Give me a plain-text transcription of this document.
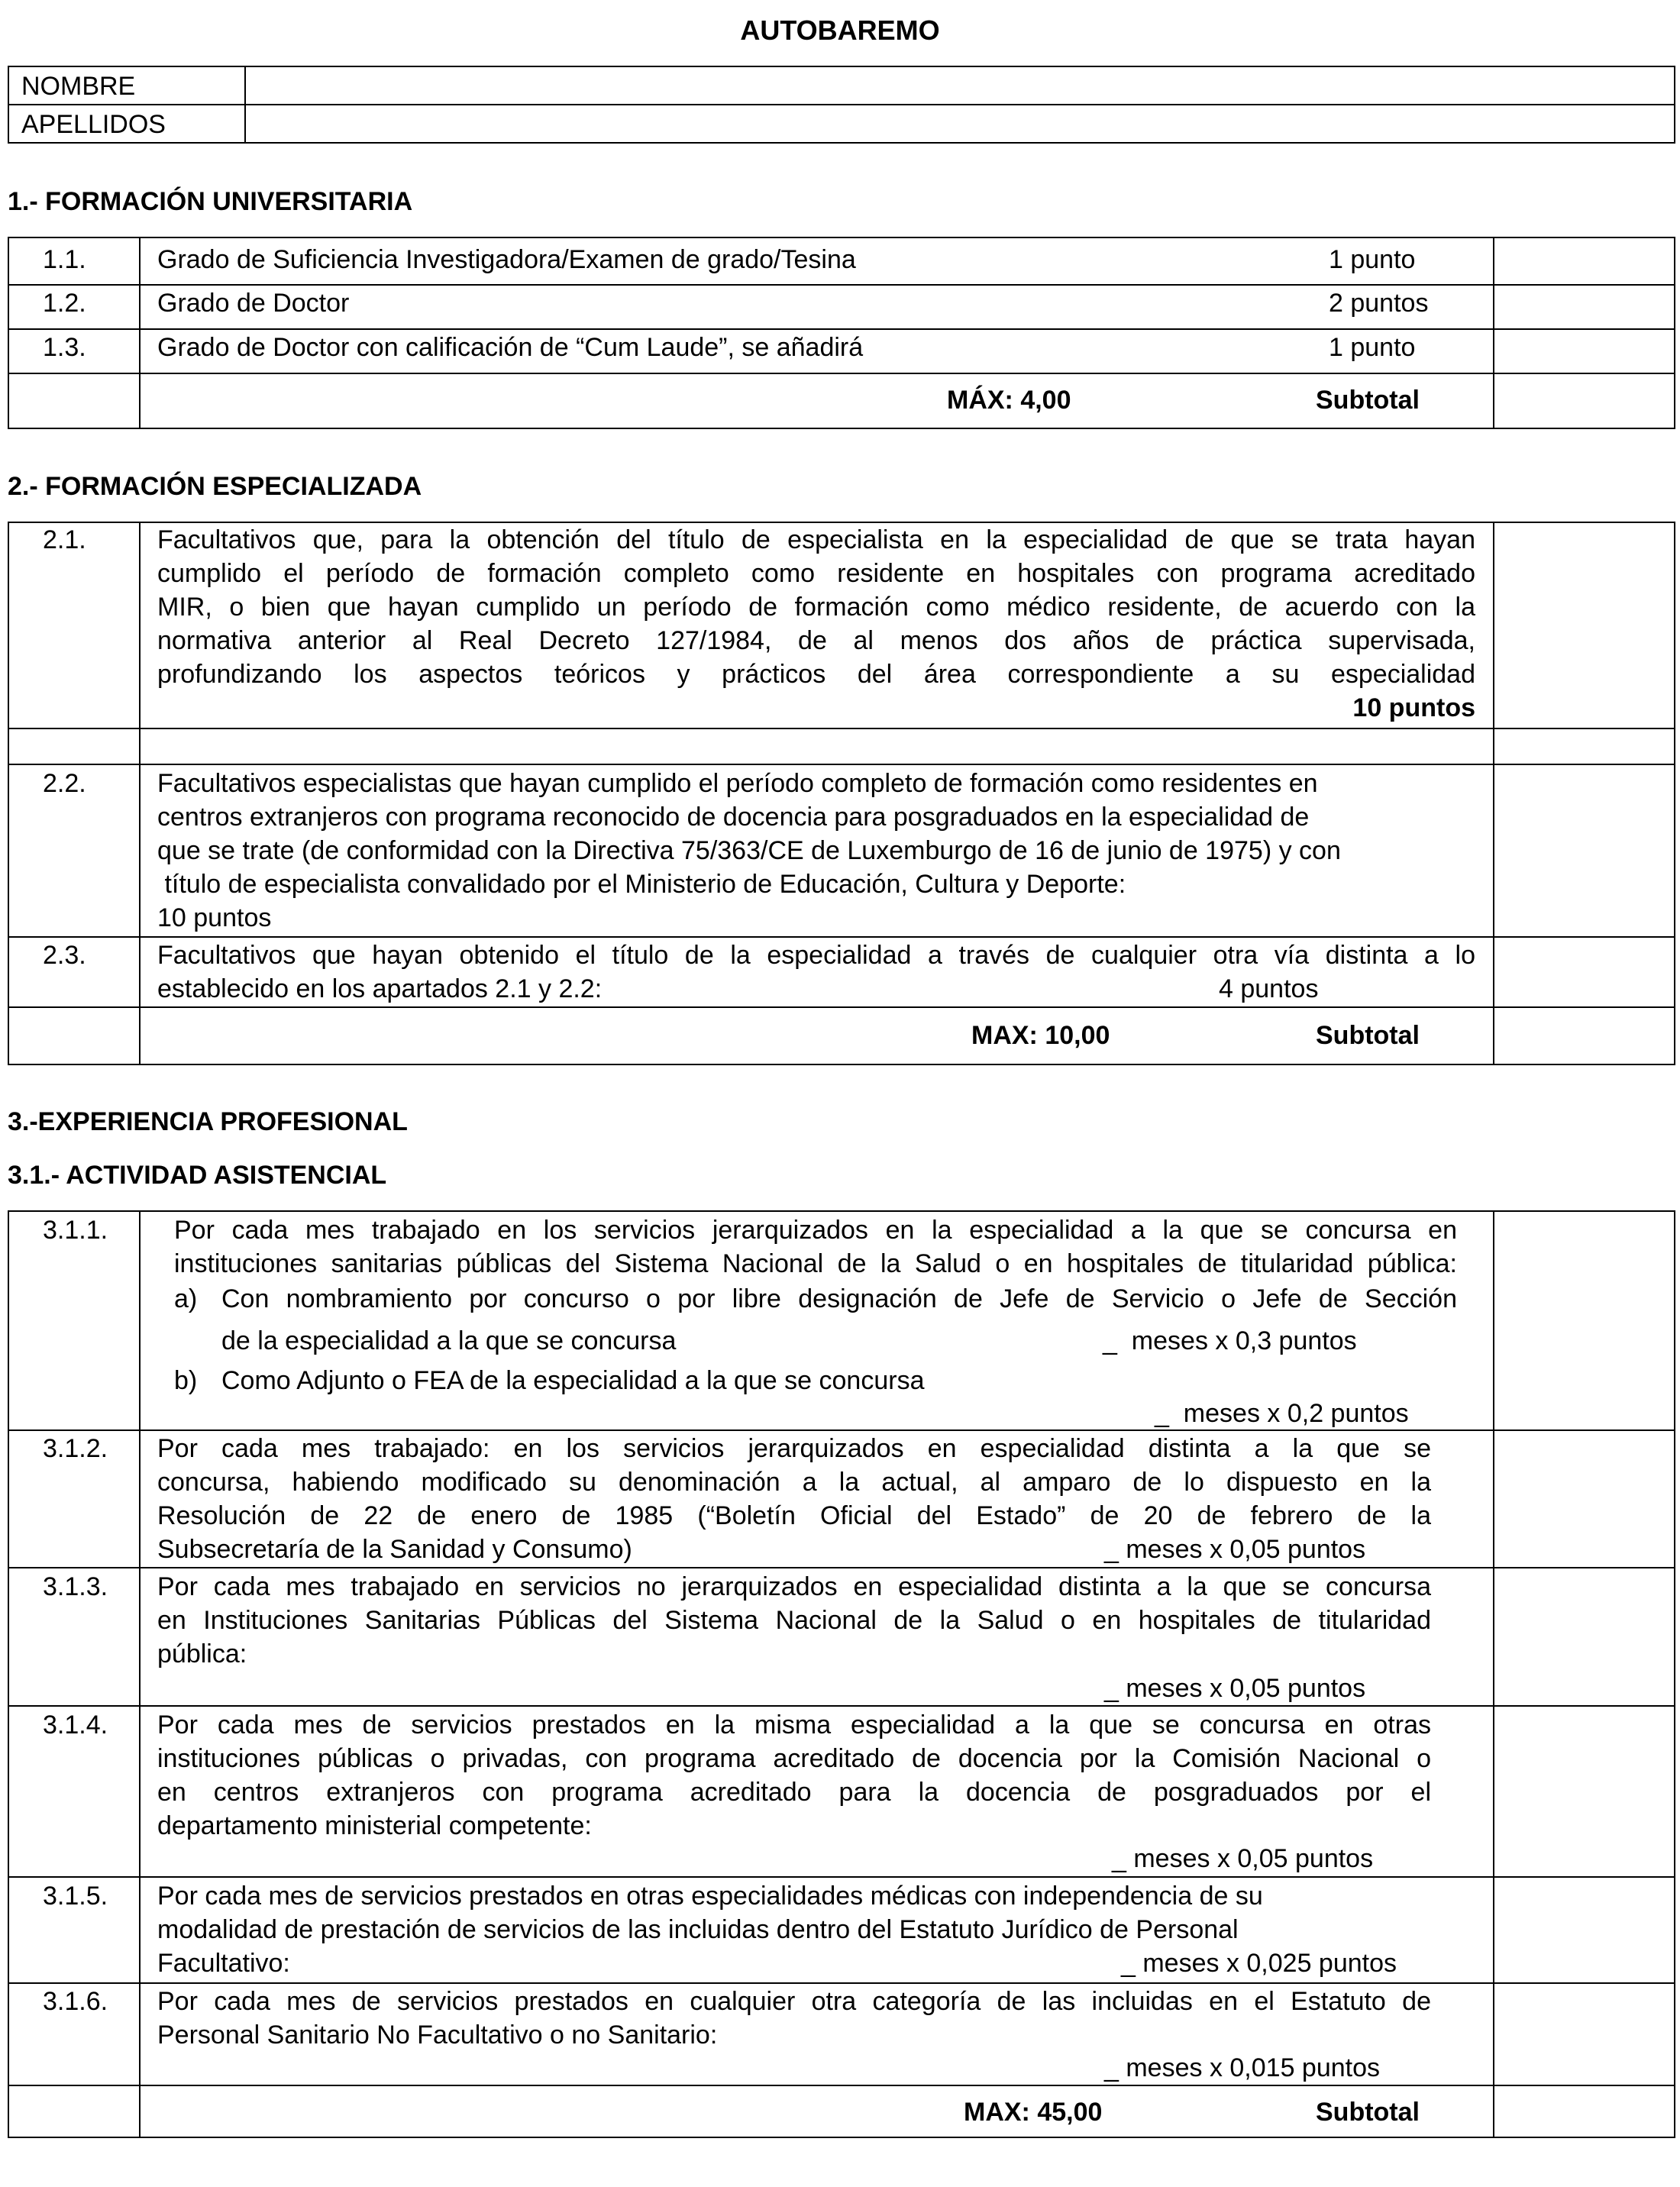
AUTOBAREMO
NOMBRE
APELLIDOS
1.- FORMACIÓN UNIVERSITARIA
1.1.	Grado de Suficiencia Investigadora/Examen de grado/Tesina	1 punto
1.2.	Grado de Doctor	2 puntos
1.3.	Grado de Doctor con calificación de “Cum Laude”, se añadirá	1 punto
MÁX: 4,00	Subtotal
2.- FORMACIÓN ESPECIALIZADA
2.1.	Facultativos que, para la obtención del título de especialista en la especialidad de que se trata hayan
cumplido el período de formación completo como residente en hospitales con programa acreditado
MIR, o bien que hayan cumplido un período de formación como médico residente, de acuerdo con la
normativa anterior al Real Decreto 127/1984, de al menos dos años de práctica supervisada,
profundizando los aspectos teóricos y prácticos del área correspondiente a su especialidad
10 puntos
2.2.	Facultativos especialistas que hayan cumplido el período completo de formación como residentes en
centros extranjeros con programa reconocido de docencia para posgraduados en la especialidad de
que se trate (de conformidad con la Directiva 75/363/CE de Luxemburgo de 16 de junio de 1975) y con
título de especialista convalidado por el Ministerio de Educación, Cultura y Deporte:
10 puntos
2.3.	Facultativos que hayan obtenido el título de la especialidad a través de cualquier otra vía distinta a lo
establecido en los apartados 2.1 y 2.2:	4 puntos
MAX: 10,00	Subtotal
3.-EXPERIENCIA PROFESIONAL
3.1.- ACTIVIDAD ASISTENCIAL
3.1.1.	Por cada mes trabajado en los servicios jerarquizados en la especialidad a la que se concursa en
instituciones sanitarias públicas del Sistema Nacional de la Salud o en hospitales de titularidad pública:
a) Con nombramiento por concurso o por libre designación de Jefe de Servicio o Jefe de Sección
de la especialidad a la que se concursa	_  meses x 0,3 puntos
b) Como Adjunto o FEA de la especialidad a la que se concursa
_  meses x 0,2 puntos
3.1.2. Por cada mes trabajado: en los servicios jerarquizados en especialidad distinta a la que se
concursa, habiendo modificado su denominación a la actual, al amparo de lo dispuesto en la
Resolución de 22 de enero de 1985 (“Boletín Oficial del Estado” de 20 de febrero de la
Subsecretaría de la Sanidad y Consumo)	_ meses x 0,05 puntos
3.1.3. Por cada mes trabajado en servicios no jerarquizados en especialidad distinta a la que se concursa
en Instituciones Sanitarias Públicas del Sistema Nacional de la Salud o en hospitales de titularidad
pública:
_ meses x 0,05 puntos
3.1.4. Por cada mes de servicios prestados en la misma especialidad a la que se concursa en otras
instituciones públicas o privadas, con programa acreditado de docencia por la Comisión Nacional o
en centros extranjeros con programa acreditado para la docencia de posgraduados por el
departamento ministerial competente:
_ meses x 0,05 puntos
3.1.5. Por cada mes de servicios prestados en otras especialidades médicas con independencia de su
modalidad de prestación de servicios de las incluidas dentro del Estatuto Jurídico de Personal
Facultativo:	_ meses x 0,025 puntos
3.1.6. Por cada mes de servicios prestados en cualquier otra categoría de las incluidas en el Estatuto de
Personal Sanitario No Facultativo o no Sanitario:
_ meses x 0,015 puntos
MAX: 45,00	Subtotal
